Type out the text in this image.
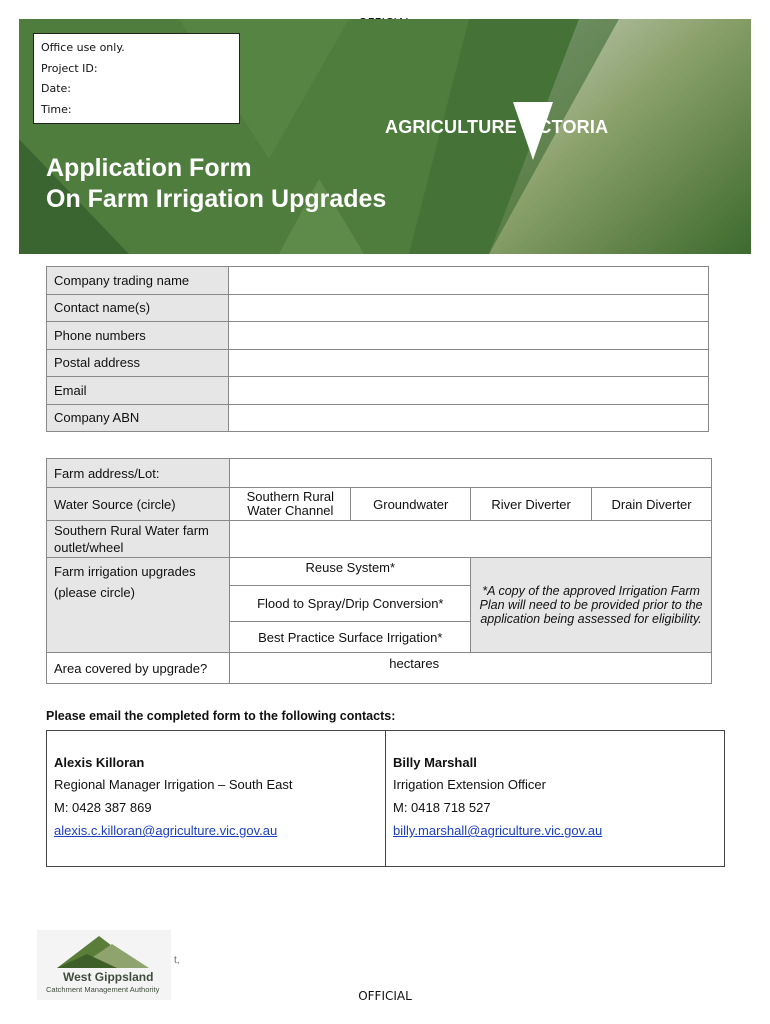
Office use only.
Project ID:
Date:
Time:
AGRICULTURE VICTORIA
Application Form
On Farm Irrigation Upgrades
Company trading name	
Contact name(s)	
Phone numbers	
Postal address	
Email	
Company ABN	
Farm address/Lot:				
Water Source (circle)	Southern Rural Water Channel	Groundwater	River Diverter	Drain Diverter
Southern Rural Water farm outlet/wheel				

Farm irrigation upgrades
(please circle)	Reuse System*		*A copy of the approved Irrigation Farm Plan will need to be provided prior to the application being assessed for eligibility.	
	Flood to Spray/Drip Conversion*			
	Best Practice Surface Irrigation*			
Area covered by upgrade?	hectares			
Please email the completed form to the following contacts:
Alexis Killoran
Regional Manager Irrigation – South East
M: 0428 387 869
alexis.c.killoran@agriculture.vic.gov.au
Billy Marshall
Irrigation Extension Officer
M: 0418 718 527
billy.marshall@agriculture.vic.gov.au
West Gippsland
Catchment Management Authority
t,
OFFICIAL
